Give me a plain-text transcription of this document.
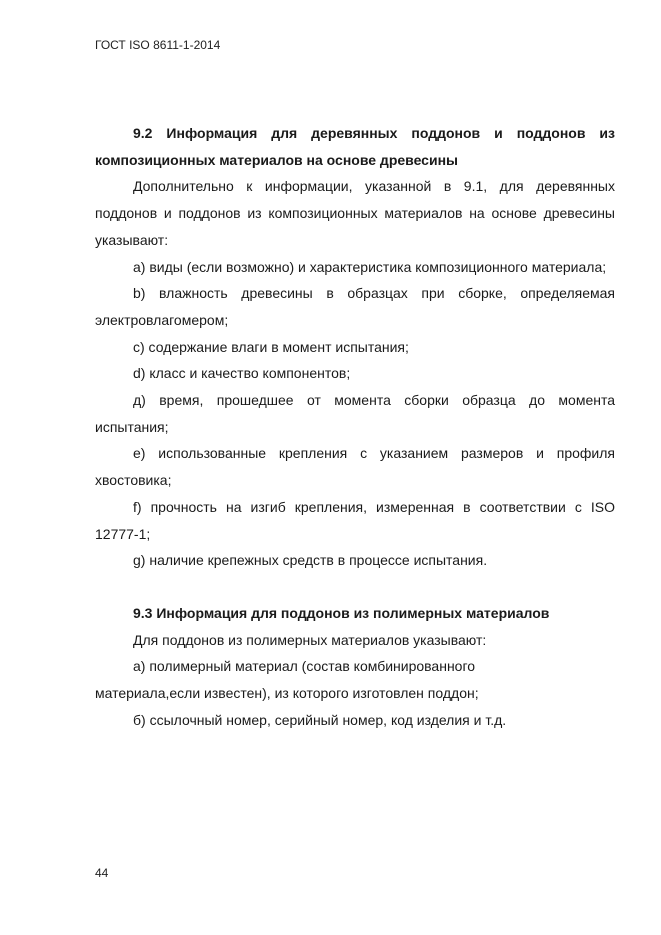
ГОСТ ISO 8611-1-2014

9.2 Информация для деревянных поддонов и поддонов из композиционных материалов на основе древесины

Дополнительно к информации, указанной в 9.1, для деревянных поддонов и поддонов из композиционных материалов на основе древесины указывают:

а) виды (если возможно) и характеристика композиционного материала;

b) влажность древесины в образцах при сборке, определяемая электровлагомером;

с) содержание влаги в момент испытания;

d) класс и качество компонентов;

д) время, прошедшее от момента сборки образца до момента испытания;

е) использованные крепления с указанием размеров и профиля хвостовика;

f) прочность на изгиб крепления, измеренная в соответствии с ISO 12777-1;

g) наличие крепежных средств в процессе испытания.

9.3 Информация для поддонов из полимерных материалов

Для поддонов из полимерных материалов указывают:

а) полимерный материал (состав комбинированного

материала,если известен), из которого изготовлен поддон;

б) ссылочный номер, серийный номер, код изделия и т.д.

44
